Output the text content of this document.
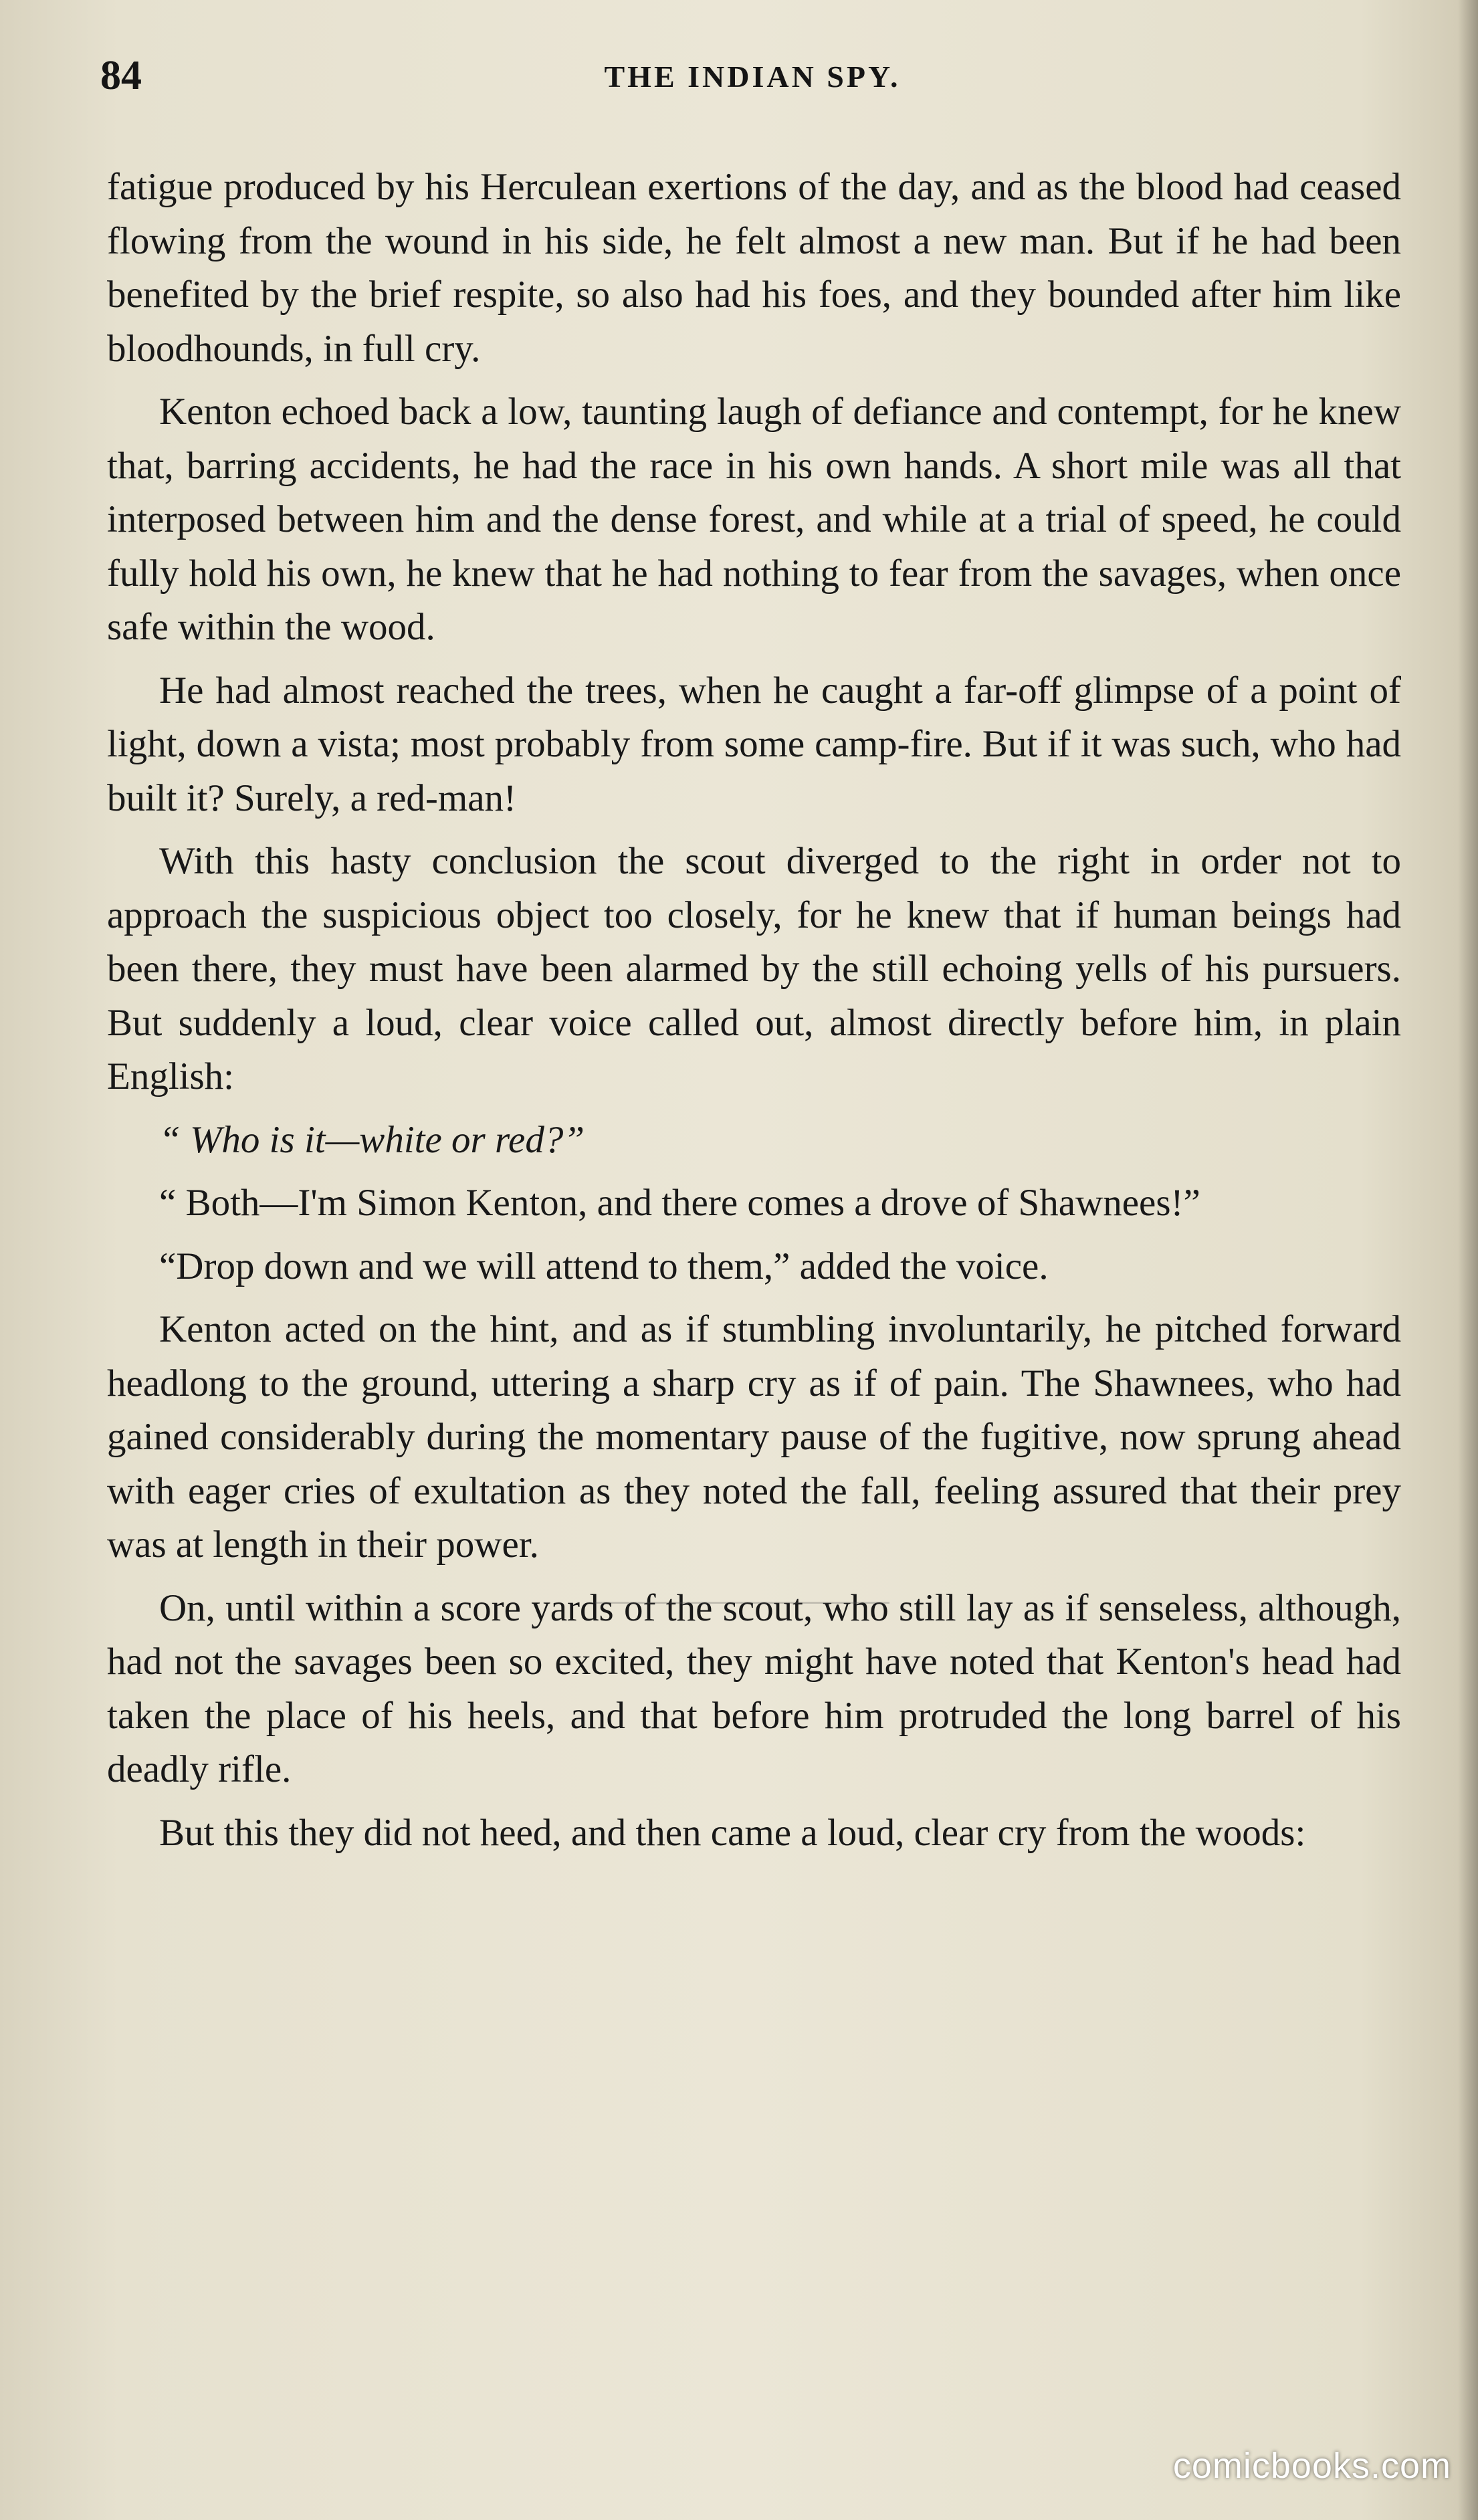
84	THE INDIAN SPY.

fatigue produced by his Herculean exertions of the day, and as the blood had ceased flowing from the wound in his side, he felt almost a new man. But if he had been benefited by the brief respite, so also had his foes, and they bounded after him like bloodhounds, in full cry.

Kenton echoed back a low, taunting laugh of defiance and contempt, for he knew that, barring accidents, he had the race in his own hands. A short mile was all that interposed between him and the dense forest, and while at a trial of speed, he could fully hold his own, he knew that he had nothing to fear from the savages, when once safe within the wood.

He had almost reached the trees, when he caught a far-off glimpse of a point of light, down a vista; most probably from some camp-fire. But if it was such, who had built it? Surely, a red-man!

With this hasty conclusion the scout diverged to the right in order not to approach the suspicious object too closely, for he knew that if human beings had been there, they must have been alarmed by the still echoing yells of his pursuers. But suddenly a loud, clear voice called out, almost directly before him, in plain English:

“ Who is it—white or red?”

“ Both—I'm Simon Kenton, and there comes a drove of Shawnees!”

“Drop down and we will attend to them,” added the voice.

Kenton acted on the hint, and as if stumbling involuntarily, he pitched forward headlong to the ground, uttering a sharp cry as if of pain. The Shawnees, who had gained considerably during the momentary pause of the fugitive, now sprung ahead with eager cries of exultation as they noted the fall, feeling assured that their prey was at length in their power.

On, until within a score yards of the scout, who still lay as if senseless, although, had not the savages been so excited, they might have noted that Kenton's head had taken the place of his heels, and that before him protruded the long barrel of his deadly rifle.

But this they did not heed, and then came a loud, clear cry from the woods:

comicbooks.com
